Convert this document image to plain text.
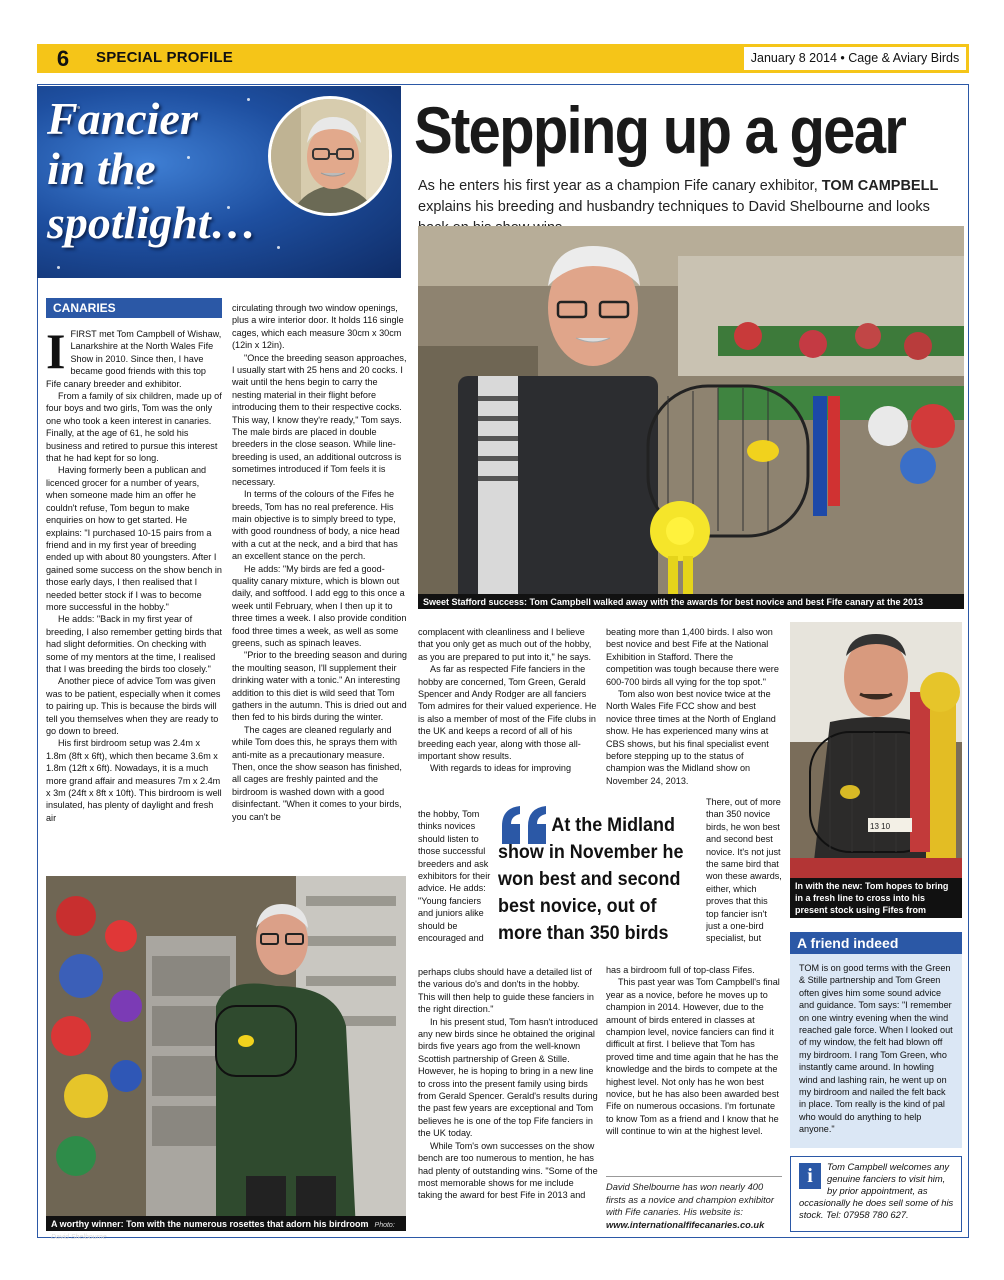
6	SPECIAL PROFILE	January 8 2014 • Cage & Aviary Birds
Fancier
in the
spotlight…
Stepping up a gear
As he enters his first year as a champion Fife canary exhibitor, TOM CAMPBELL explains his breeding and husbandry techniques to David Shelbourne and looks
Sweet Stafford success: Tom Campbell walked away with the awards for best novice and best Fife canary at the 2013 National Exhibition
A worthy winner: Tom with the numerous rosettes that adorn his birdroom Photo: David Shelbourne
13 10
In with the new: Tom hopes to bring in a fresh line to cross into his present stock using Fifes from Gerald Spencer (pictured)
CANARIES
I FIRST met Tom Campbell of Wishaw, Lanarkshire at the North Wales Fife Show in 2010. Since then, I have became good friends with this top Fife canary breeder and exhibitor.

From a family of six children, made up of four boys and two girls, Tom was the only one who took a keen interest in canaries. Finally, at the age of 61, he sold his business and retired to pursue this interest that he had kept for so long.

Having formerly been a publican and licenced grocer for a number of years, when someone made him an offer he couldn't refuse, Tom begun to make enquiries on how to get started. He explains: "I purchased 10-15 pairs from a friend and in my first year of breeding ended up with about 80 youngsters. After I gained some success on the show bench in those early days, I then realised that I needed better stock if I was to become more successful in the hobby."

He adds: "Back in my first year of breeding, I also remember getting birds that had slight deformities. On checking with some of my mentors at the time, I realised that I was breeding the birds too closely."

Another piece of advice Tom was given was to be patient, especially when it comes to pairing up. This is because the birds will tell you themselves when they are ready to go down to breed.

His first birdroom setup was 2.4m x 1.8m (8ft x 6ft), which then became 3.6m x 1.8m (12ft x 6ft). Nowadays, it is a much more grand affair and measures 7m x 2.4m x 3m (24ft x 8ft x 10ft). This birdroom is well insulated, has plenty of daylight and fresh air

circulating through two window openings, plus a wire interior door. It holds 116 single cages, which each measure 30cm x 30cm (12in x 12in).

"Once the breeding season approaches, I usually start with 25 hens and 20 cocks. I wait until the hens begin to carry the nesting material in their flight before introducing them to their respective cocks. This way, I know they're ready," Tom says. The male birds are placed in double breeders in the close season. While line-breeding is used, an additional outcross is sometimes introduced if Tom feels it is necessary.

In terms of the colours of the Fifes he breeds, Tom has no real preference. His main objective is to simply breed to type, with good roundness of body, a nice head with a cut at the neck, and a bird that has an excellent stance on the perch.

He adds: "My birds are fed a good-quality canary mixture, which is blown out daily, and softfood. I add egg to this once a week until February, when I then up it to three times a week. I also provide condition food three times a week, as well as some greens, such as spinach leaves.

"Prior to the breeding season and during the moulting season, I'll supplement their drinking water with a tonic." An interesting addition to this diet is wild seed that Tom gathers in the autumn. This is dried out and then fed to his birds during the winter.

The cages are cleaned regularly and while Tom does this, he sprays them with anti-mite as a precautionary measure. Then, once the show season has finished, all cages are freshly painted and the birdroom is washed down with a good disinfectant. "When it comes to your birds, you can't be

complacent with cleanliness and I believe that you only get as much out of the hobby, as you are prepared to put into it," he says.

As far as respected Fife fanciers in the hobby are concerned, Tom Green, Gerald Spencer and Andy Rodger are all fanciers Tom admires for their valued experience. He is also a member of most of the Fife clubs in the UK and keeps a record of all of his breeding each year, along with those all-important show results.

With regards to ideas for improving

the hobby, Tom thinks novices should listen to those successful breeders and ask exhibitors for their advice. He adds: "Young fanciers and juniors alike should be encouraged and

perhaps clubs should have a detailed list of the various do's and don'ts in the hobby. This will then help to guide these fanciers in the right direction."

In his present stud, Tom hasn't introduced any new birds since he obtained the original birds five years ago from the well-known Scottish partnership of Green & Stille. However, he is hoping to bring in a new line to cross into the present family using birds from Gerald Spencer. Gerald's results during the past few years are exceptional and Tom believes he is one of the top Fife fanciers in the UK today.

While Tom's own successes on the show bench are too numerous to mention, he has had plenty of outstanding wins. "Some of the most memorable shows for me include taking the award for best Fife in 2013 and

At the Midland
show in November he
won best and second
best novice, out of
more than 350 birds

beating more than 1,400 birds. I also won best novice and best Fife at the National Exhibition in Stafford. There the competition was tough because there were 600-700 birds all vying for the top spot."

Tom also won best novice twice at the North Wales Fife FCC show and best novice three times at the North of England show. He has experienced many wins at CBS shows, but his final specialist event before stepping up to the status of champion was the Midland show on November 24, 2013.

There, out of more than 350 novice birds, he won best and second best novice. It's not just the same bird that won these awards, either, which proves that this top fancier isn't just a one-bird specialist, but

has a birdroom full of top-class Fifes.

This past year was Tom Campbell's final year as a novice, before he moves up to champion in 2014. However, due to the amount of birds entered in classes at champion level, novice fanciers can find it difficult at first. I believe that Tom has proved time and time again that he has the knowledge and the birds to compete at the highest level. Not only has he won best novice, but he has also been awarded best Fife on numerous occasions. I'm fortunate to know Tom as a friend and I know that he will continue to win at the highest level.

David Shelbourne has won nearly 400 firsts as a novice and champion exhibitor with Fife canaries. His website is: www.internationalfifecanaries.co.uk
A friend indeed
TOM is on good terms with the Green & Stille partnership and Tom Green often gives him some sound advice and guidance. Tom says: "I remember on one wintry evening when the wind reached gale force. When I looked out of my window, the felt had blown off my birdroom. I rang Tom Green, who instantly came around. In howling wind and lashing rain, he went up on my birdroom and nailed the felt back in place. Tom really is the kind of pal who would do anything to help anyone."
i	Tom Campbell welcomes any genuine fanciers to visit him, by prior appointment, as occasionally he does sell some of his stock. Tel: 07958 780 627.
